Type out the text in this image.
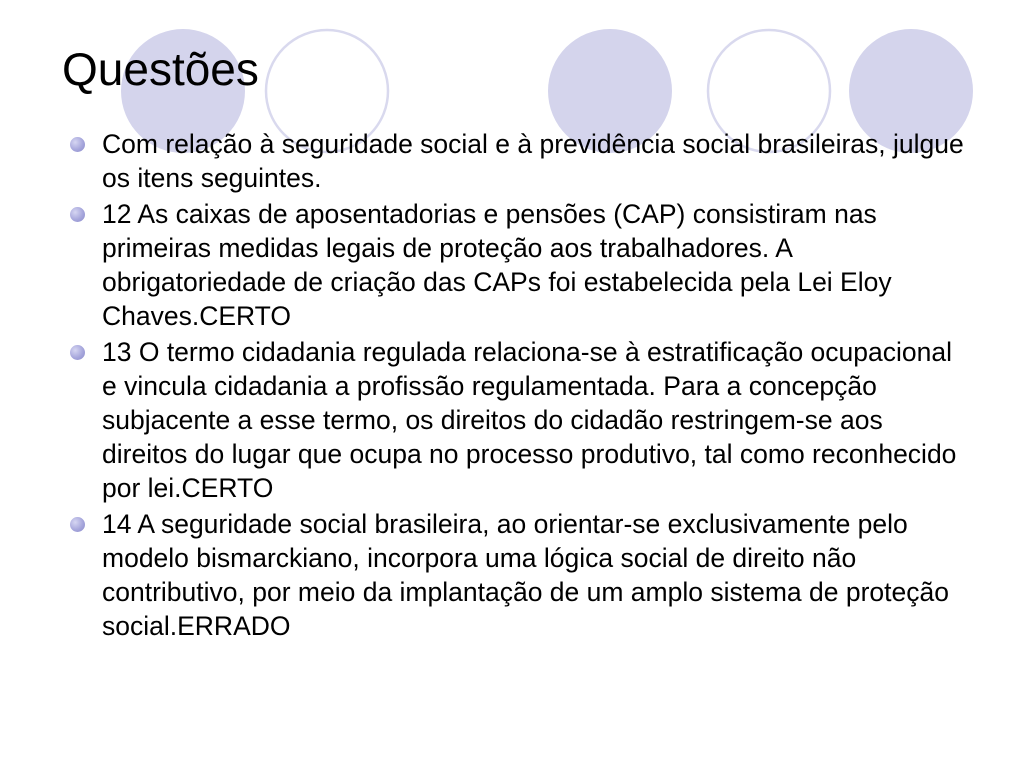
Questões
Com relação à seguridade social e à previdência social brasileiras, julgue os itens seguintes.
12 As caixas de aposentadorias e pensões (CAP) consistiram nas primeiras medidas legais de proteção aos trabalhadores. A obrigatoriedade de criação das CAPs foi estabelecida pela Lei Eloy Chaves.CERTO
13 O termo cidadania regulada relaciona-se à estratificação ocupacional e vincula cidadania a profissão regulamentada. Para a concepção subjacente a esse termo, os direitos do cidadão restringem-se aos direitos do lugar que ocupa no processo produtivo, tal como reconhecido por lei.CERTO
14 A seguridade social brasileira, ao orientar-se exclusivamente pelo modelo bismarckiano, incorpora uma lógica social de direito não contributivo, por meio da implantação de um amplo sistema de proteção social.ERRADO
